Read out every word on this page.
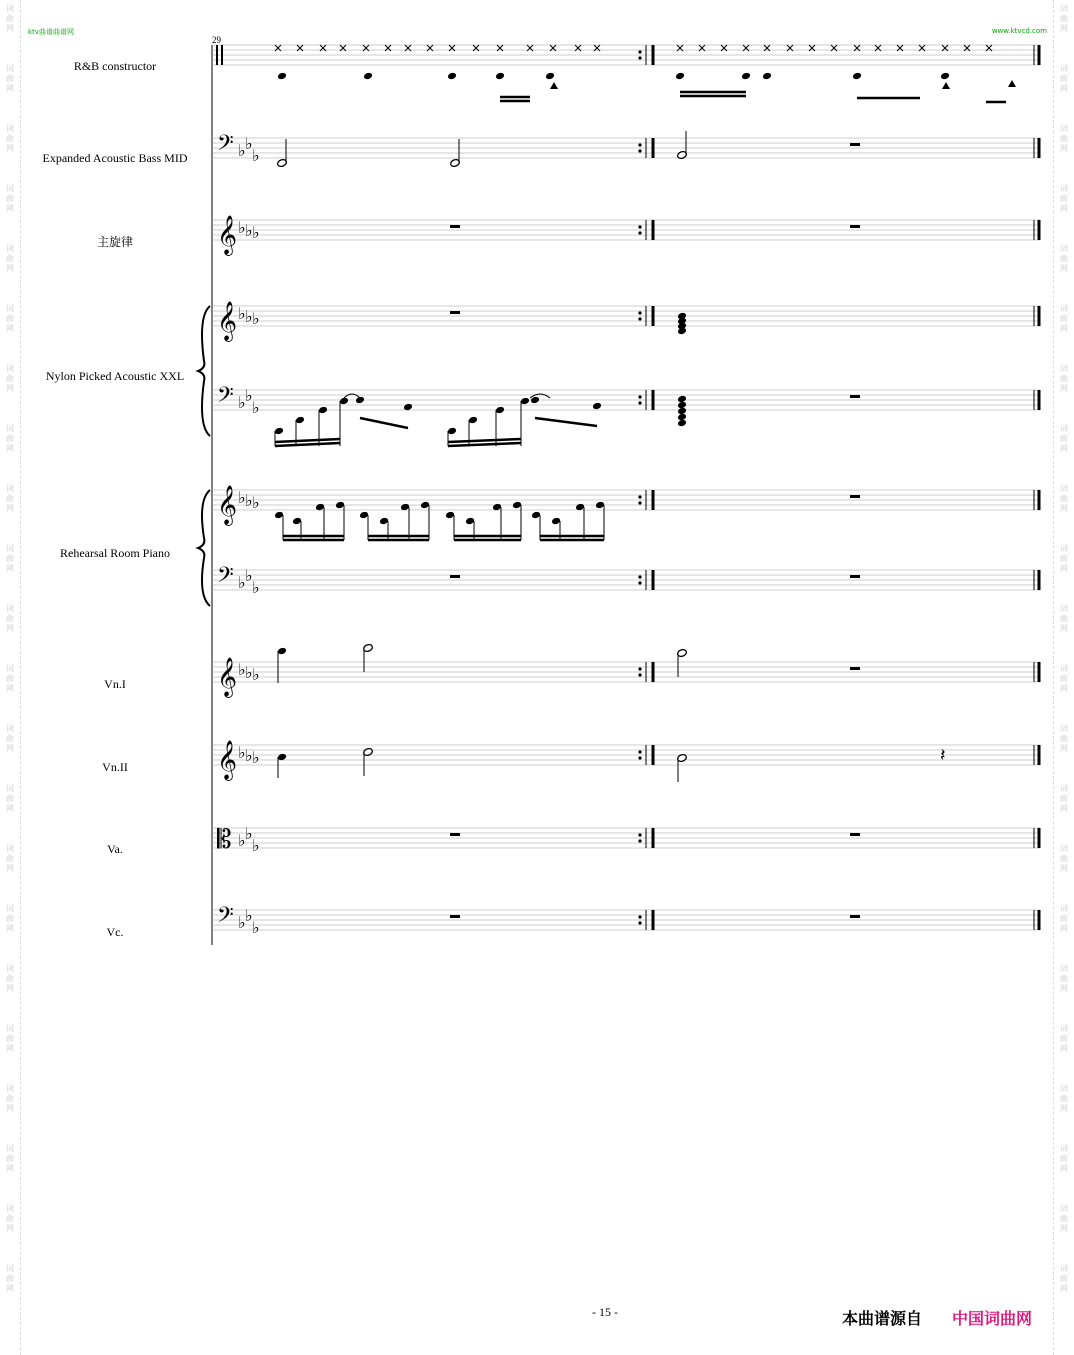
词
曲
网
词
曲
网
词
曲
网
词
曲
网
词
曲
网
词
曲
网
词
曲
网
词
曲
网
词
曲
网
词
曲
网
词
曲
网
词
曲
网
词
曲
网
词
曲
网
词
曲
网
词
曲
网
词
曲
网
词
曲
网
词
曲
网
词
曲
网
词
曲
网
词
曲
网
词
曲
网
词
曲
网
词
曲
网
词
曲
网
词
曲
网
词
曲
网
词
曲
网
词
曲
网
词
曲
网
词
曲
网
词
曲
网
词
曲
网
词
曲
网
词
曲
网
词
曲
网
词
曲
网
词
曲
网
词
曲
网
词
曲
网
词
曲
网
词
曲
网
词
曲
网
ktv曲谱曲谱网	www.ktvcd.com
29
R&B constructor
Expanded Acoustic Bass MID
主旋律
Nylon Picked Acoustic XXL
Rehearsal Room Piano
Vn.I
Vn.II
Va.
Vc.
𝄢 ♭ ♭
♭
𝄞 ♭ ♭ ♭
𝄞 ♭ ♭ ♭
𝄢 ♭ ♭
♭
𝄞 ♭ ♭ ♭
𝄢 ♭ ♭
♭
𝄞 ♭ ♭ ♭
𝄞 ♭ ♭ ♭
𝄡 ♭ ♭
♭
𝄢 ♭ ♭
♭
𝄽
- 15 -	本曲谱源自 中国词曲网
